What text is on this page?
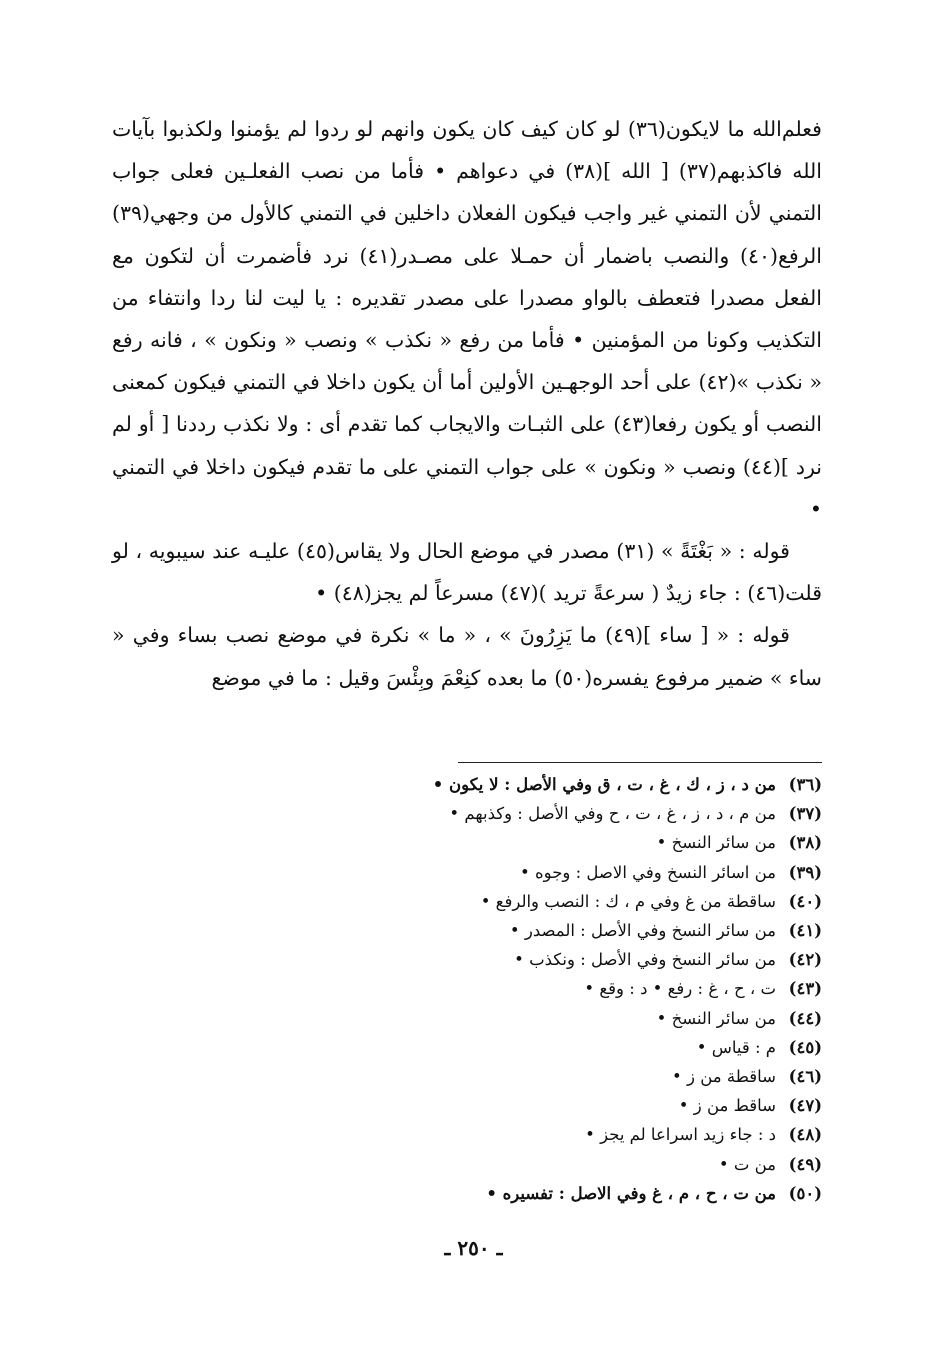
فعلم‌الله ما لايكون(٣٦) لو كان كيف كان يكون وانهم لو ردوا لم يؤمنوا ولكذبوا بآيات الله فاكذبهم(٣٧) [ الله ](٣٨) في دعواهم • فأما من نصب الفعلـين فعلى جواب التمني لأن التمني غير واجب فيكون الفعلان داخلين في التمني كالأول من وجهي(٣٩) الرفع(٤٠) والنصب باضمار أن حمـلا على مصـدر(٤١) نرد فأضمرت أن لتكون مع الفعل مصدرا فتعطف بالواو مصدرا على مصدر تقديره : يا ليت لنا ردا وانتفاء من التكذيب وكونا من المؤمنين • فأما من رفع « نكذب » ونصب « ونكون » ، فانه رفع « نكذب »(٤٢) على أحد الوجهـين الأولين أما أن يكون داخلا في التمني فيكون كمعنى النصب أو يكون رفعا(٤٣) على الثبـات والايجاب كما تقدم أى : ولا نكذب رددنا [ أو لم نرد ](٤٤) ونصب « ونكون » على جواب التمني على ما تقدم فيكون داخلا في التمني •

قوله : « بَغْتَةً » (٣١) مصدر في موضع الحال ولا يقاس(٤٥) عليـه عند سيبويه ، لو قلت(٤٦) : جاء زيدٌ ( سرعةً تريد )(٤٧) مسرعاً لم يجز(٤٨) •

قوله : « [ ساء ](٤٩) ما يَزِرُونَ » ، « ما » نكرة في موضع نصب بساء وفي « ساء » ضمير مرفوع يفسره(٥٠) ما بعده كنِعْمَ وبِئْسَ وقيل : ما في موضع

(٣٦)من د ، ز ، ك ، غ ، ت ، ق وفي الأصل : لا يكون •
(٣٧)من م ، د ، ز ، غ ، ت ، ح وفي الأصل : وكذبهم •
(٣٨)من سائر النسخ •
(٣٩)من اسائر النسخ وفي الاصل : وجوه •
(٤٠)ساقطة من غ وفي م ، ك : النصب والرفع •
(٤١)من سائر النسخ وفي الأصل : المصدر •
(٤٢)من سائر النسخ وفي الأصل : ونكذب •
(٤٣)ت ، ح ، غ : رفع • د : وقع •
(٤٤)من سائر النسخ •
(٤٥)م : قياس •
(٤٦)ساقطة من ز •
(٤٧)ساقط من ز •
(٤٨)د : جاء زيد اسراعا لم يجز •
(٤٩)من ت •
(٥٠)من ت ، ح ، م ، غ وفي الاصل : تفسيره •
ـ ٢٥٠ ـ
